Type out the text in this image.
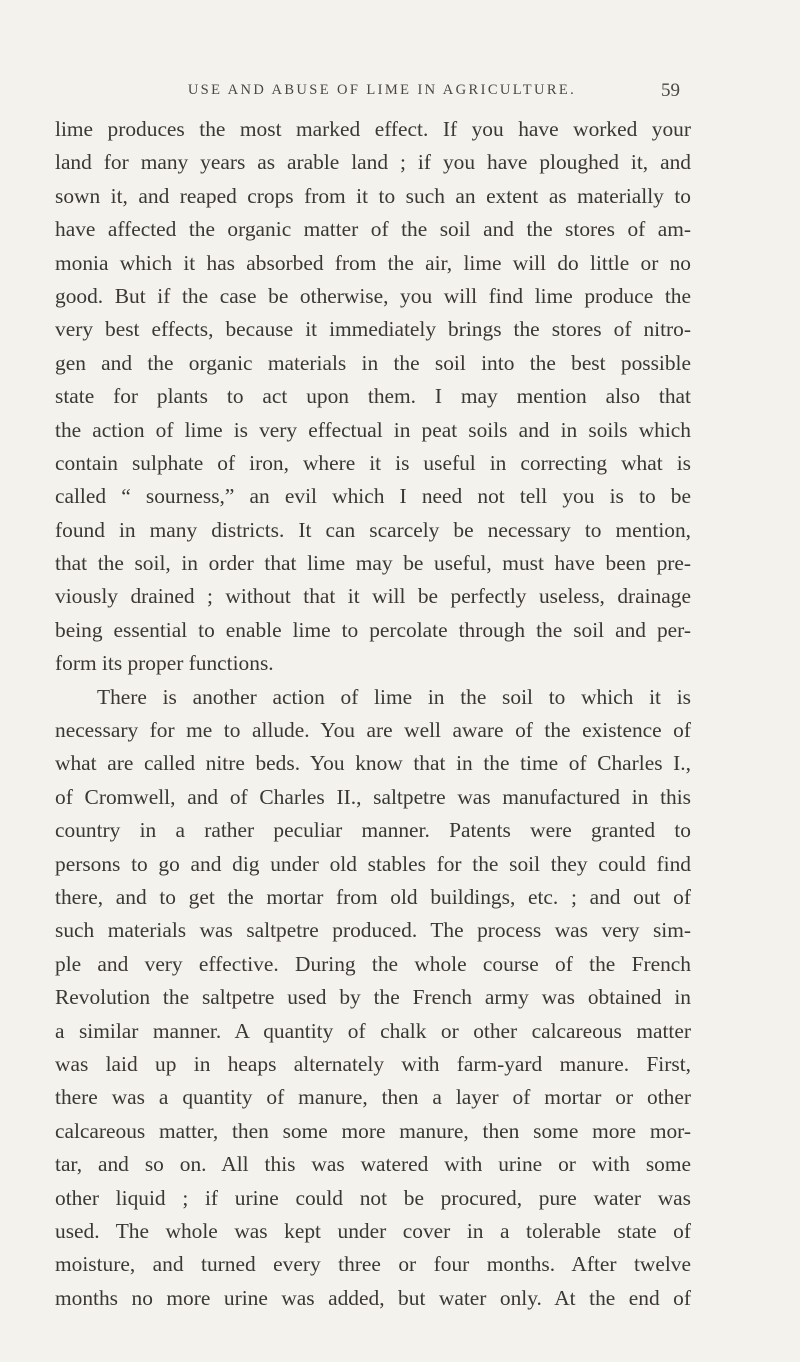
USE AND ABUSE OF LIME IN AGRICULTURE.	59
lime produces the most marked effect. If you have worked your
land for many years as arable land ; if you have ploughed it, and
sown it, and reaped crops from it to such an extent as materially to
have affected the organic matter of the soil and the stores of am-
monia which it has absorbed from the air, lime will do little or no
good. But if the case be otherwise, you will find lime produce the
very best effects, because it immediately brings the stores of nitro-
gen and the organic materials in the soil into the best possible
state for plants to act upon them. I may mention also that
the action of lime is very effectual in peat soils and in soils which
contain sulphate of iron, where it is useful in correcting what is
called “ sourness,” an evil which I need not tell you is to be
found in many districts. It can scarcely be necessary to mention,
that the soil, in order that lime may be useful, must have been pre-
viously drained ; without that it will be perfectly useless, drainage
being essential to enable lime to percolate through the soil and per-
form its proper functions.
There is another action of lime in the soil to which it is
necessary for me to allude. You are well aware of the existence of
what are called nitre beds. You know that in the time of Charles I.,
of Cromwell, and of Charles II., saltpetre was manufactured in this
country in a rather peculiar manner. Patents were granted to
persons to go and dig under old stables for the soil they could find
there, and to get the mortar from old buildings, etc. ; and out of
such materials was saltpetre produced. The process was very sim-
ple and very effective. During the whole course of the French
Revolution the saltpetre used by the French army was obtained in
a similar manner. A quantity of chalk or other calcareous matter
was laid up in heaps alternately with farm-yard manure. First,
there was a quantity of manure, then a layer of mortar or other
calcareous matter, then some more manure, then some more mor-
tar, and so on. All this was watered with urine or with some
other liquid ; if urine could not be procured, pure water was
used. The whole was kept under cover in a tolerable state of
moisture, and turned every three or four months. After twelve
months no more urine was added, but water only. At the end of
